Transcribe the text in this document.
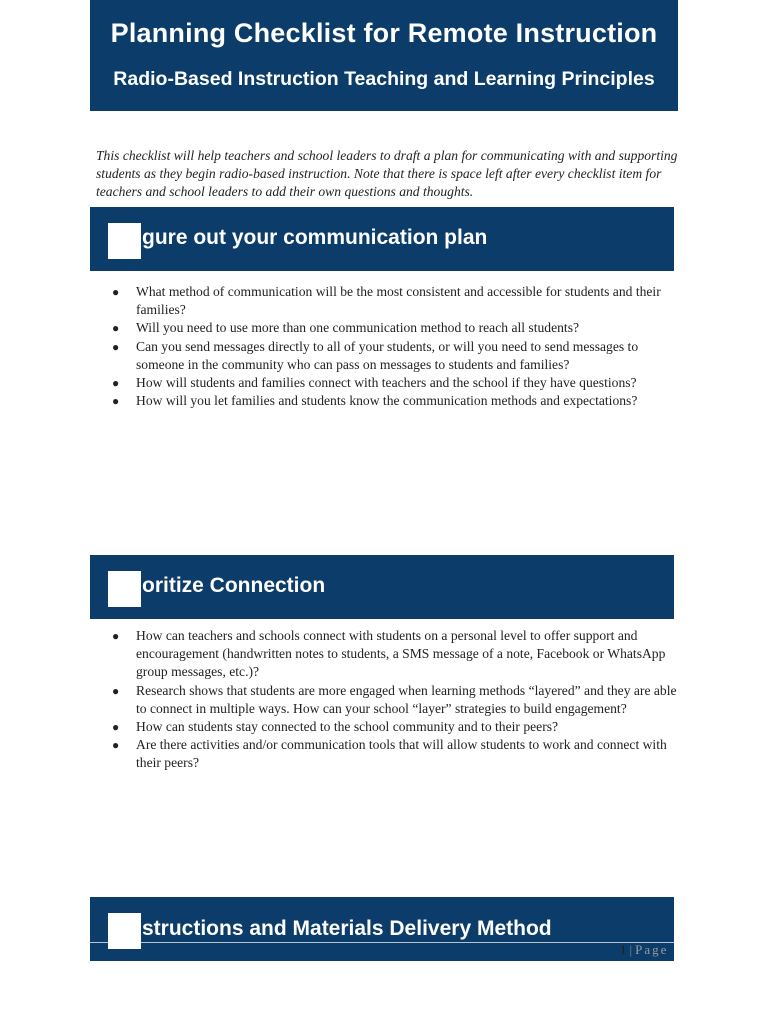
Planning Checklist for Remote Instruction
Radio-Based Instruction Teaching and Learning Principles
This checklist will help teachers and school leaders to draft a plan for communicating with and supporting students as they begin radio-based instruction. Note that there is space left after every checklist item for teachers and school leaders to add their own questions and thoughts.
gure out your communication plan
● What method of communication will be the most consistent and accessible for students and their families?
● Will you need to use more than one communication method to reach all students?
● Can you send messages directly to all of your students, or will you need to send messages to someone in the community who can pass on messages to students and families?
● How will students and families connect with teachers and the school if they have questions?
● How will you let families and students know the communication methods and expectations?
oritize Connection
● How can teachers and schools connect with students on a personal level to offer support and encouragement (handwritten notes to students, a SMS message of a note, Facebook or WhatsApp group messages, etc.)?
● Research shows that students are more engaged when learning methods “layered” and they are able to connect in multiple ways. How can your school “layer” strategies to build engagement?
● How can students stay connected to the school community and to their peers?
● Are there activities and/or communication tools that will allow students to work and connect with their peers?
structions and Materials Delivery Method
1 | Page
